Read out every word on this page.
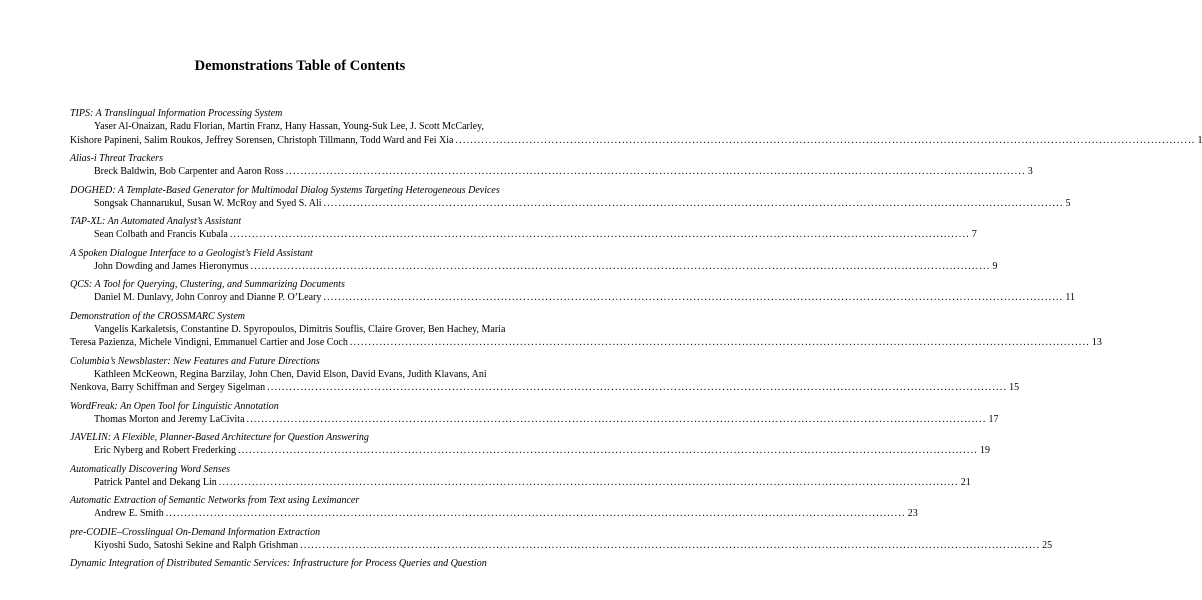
Demonstrations Table of Contents
TIPS: A Translingual Information Processing System
Yaser Al-Onaizan, Radu Florian, Martin Franz, Hany Hassan, Young-Suk Lee, J. Scott McCarley,
Kishore Papineni, Salim Roukos, Jeffrey Sorensen, Christoph Tillmann, Todd Ward and Fei Xia ........................................................................................................................................................................................................ 1
Alias-i Threat Trackers
Breck Baldwin, Bob Carpenter and Aaron Ross ........................................................................................................................................................................................................ 3
DOGHED: A Template-Based Generator for Multimodal Dialog Systems Targeting Heterogeneous Devices
Songsak Channarukul, Susan W. McRoy and Syed S. Ali ........................................................................................................................................................................................................ 5
TAP-XL: An Automated Analyst’s Assistant
Sean Colbath and Francis Kubala ........................................................................................................................................................................................................ 7
A Spoken Dialogue Interface to a Geologist’s Field Assistant
John Dowding and James Hieronymus ........................................................................................................................................................................................................ 9
QCS: A Tool for Querying, Clustering, and Summarizing Documents
Daniel M. Dunlavy, John Conroy and Dianne P. O’Leary ........................................................................................................................................................................................................ 11
Demonstration of the CROSSMARC System
Vangelis Karkaletsis, Constantine D. Spyropoulos, Dimitris Souflis, Claire Grover, Ben Hachey, Maria
Teresa Pazienza, Michele Vindigni, Emmanuel Cartier and Jose Coch ........................................................................................................................................................................................................ 13
Columbia’s Newsblaster: New Features and Future Directions
Kathleen McKeown, Regina Barzilay, John Chen, David Elson, David Evans, Judith Klavans, Ani
Nenkova, Barry Schiffman and Sergey Sigelman ........................................................................................................................................................................................................ 15
WordFreak: An Open Tool for Linguistic Annotation
Thomas Morton and Jeremy LaCivita ........................................................................................................................................................................................................ 17
JAVELIN: A Flexible, Planner-Based Architecture for Question Answering
Eric Nyberg and Robert Frederking ........................................................................................................................................................................................................ 19
Automatically Discovering Word Senses
Patrick Pantel and Dekang Lin ........................................................................................................................................................................................................ 21
Automatic Extraction of Semantic Networks from Text using Leximancer
Andrew E. Smith ........................................................................................................................................................................................................ 23
pre-CODIE–Crosslingual On-Demand Information Extraction
Kiyoshi Sudo, Satoshi Sekine and Ralph Grishman ........................................................................................................................................................................................................ 25
Dynamic Integration of Distributed Semantic Services: Infrastructure for Process Queries and Question
